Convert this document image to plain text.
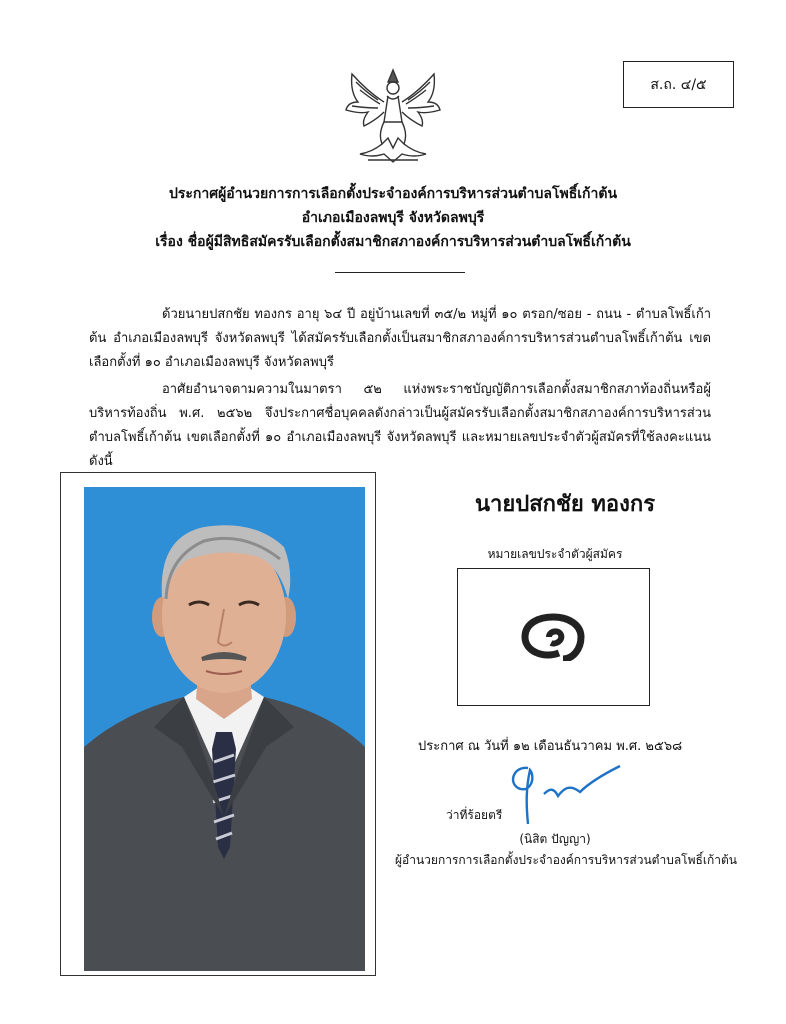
ส.ถ. ๔/๕
ประกาศผู้อำนวยการการเลือกตั้งประจำองค์การบริหารส่วนตำบลโพธิ์เก้าต้น
อำเภอเมืองลพบุรี จังหวัดลพบุรี
เรื่อง ชื่อผู้มีสิทธิสมัครรับเลือกตั้งสมาชิกสภาองค์การบริหารส่วนตำบลโพธิ์เก้าต้น
ด้วยนายปสกชัย ทองกร อายุ ๖๔ ปี อยู่บ้านเลขที่ ๓๕/๒ หมู่ที่ ๑๐ ตรอก/ซอย - ถนน - ตำบลโพธิ์เก้าต้น อำเภอเมืองลพบุรี จังหวัดลพบุรี ได้สมัครรับเลือกตั้งเป็นสมาชิกสภาองค์การบริหารส่วนตำบลโพธิ์เก้าต้น เขตเลือกตั้งที่ ๑๐ อำเภอเมืองลพบุรี จังหวัดลพบุรี
อาศัยอำนาจตามความในมาตรา ๕๒ แห่งพระราชบัญญัติการเลือกตั้งสมาชิกสภาท้องถิ่นหรือผู้บริหารท้องถิ่น พ.ศ. ๒๕๖๒ จึงประกาศชื่อบุคคลดังกล่าวเป็นผู้สมัครรับเลือกตั้งสมาชิกสภาองค์การบริหารส่วนตำบลโพธิ์เก้าต้น เขตเลือกตั้งที่ ๑๐ อำเภอเมืองลพบุรี จังหวัดลพบุรี และหมายเลขประจำตัวผู้สมัครที่ใช้ลงคะแนน ดังนี้
นายปสกชัย ทองกร
หมายเลขประจำตัวผู้สมัคร
ประกาศ ณ วันที่ ๑๒ เดือนธันวาคม พ.ศ. ๒๕๖๘
ว่าที่ร้อยตรี
(นิสิต ปัญญา)
ผู้อำนวยการการเลือกตั้งประจำองค์การบริหารส่วนตำบลโพธิ์เก้าต้น
